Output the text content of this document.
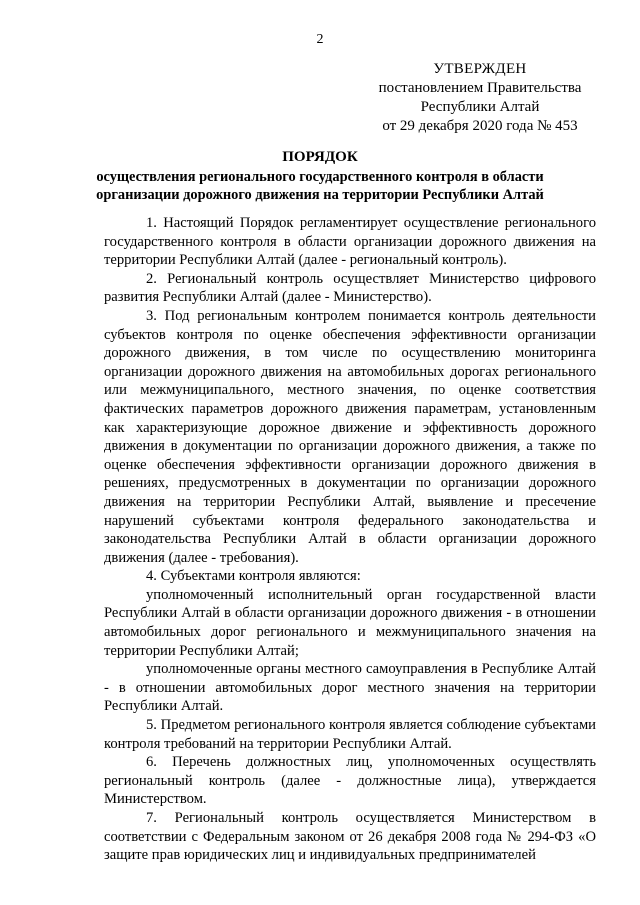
2
УТВЕРЖДЕН
постановлением Правительства
Республики Алтай
от 29 декабря 2020 года № 453
ПОРЯДОК
осуществления регионального государственного контроля в области организации дорожного движения на территории Республики Алтай

1. Настоящий Порядок регламентирует осуществление регионального государственного контроля в области организации дорожного движения на территории Республики Алтай (далее - региональный контроль).

2. Региональный контроль осуществляет Министерство цифрового развития Республики Алтай (далее - Министерство).

3. Под региональным контролем понимается контроль деятельности субъектов контроля по оценке обеспечения эффективности организации дорожного движения, в том числе по осуществлению мониторинга организации дорожного движения на автомобильных дорогах регионального или межмуниципального, местного значения, по оценке соответствия фактических параметров дорожного движения параметрам, установленным как характеризующие дорожное движение и эффективность дорожного движения в документации по организации дорожного движения, а также по оценке обеспечения эффективности организации дорожного движения в решениях, предусмотренных в документации по организации дорожного движения на территории Республики Алтай, выявление и пресечение нарушений субъектами контроля федерального законодательства и законодательства Республики Алтай в области организации дорожного движения (далее - требования).

4. Субъектами контроля являются:

уполномоченный исполнительный орган государственной власти Республики Алтай в области организации дорожного движения - в отношении автомобильных дорог регионального и межмуниципального значения на территории Республики Алтай;

уполномоченные органы местного самоуправления в Республике Алтай - в отношении автомобильных дорог местного значения на территории Республики Алтай.

5. Предметом регионального контроля является соблюдение субъектами контроля требований на территории Республики Алтай.

6. Перечень должностных лиц, уполномоченных осуществлять региональный контроль (далее - должностные лица), утверждается Министерством.

7. Региональный контроль осуществляется Министерством в соответствии с Федеральным законом от 26 декабря 2008 года № 294-ФЗ «О защите прав юридических лиц и индивидуальных предпринимателей
